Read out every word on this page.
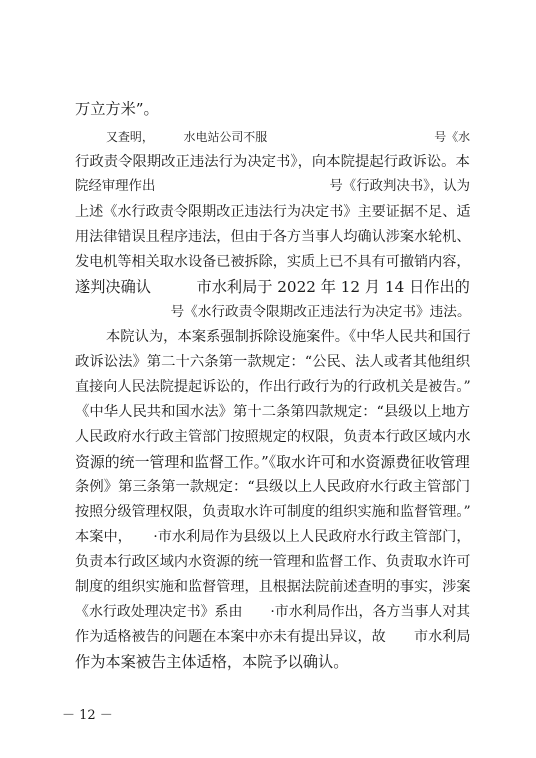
万立方米”。
又查明，　　　水电站公司不服　　　　　　　　　　　　　　号《水
行政责令限期改正违法行为决定书》，向本院提起行政诉讼。本
院经审理作出　　　　　　　　　　　　　号《行政判决书》，认为
上述《水行政责令限期改正违法行为决定书》主要证据不足、适
用法律错误且程序违法，但由于各方当事人均确认涉案水轮机、
发电机等相关取水设备已被拆除，实质上已不具有可撤销内容，
遂判决确认　　　市水利局于 2022 年 12 月 14 日作出的
　　　　　　　号《水行政责令限期改正违法行为决定书》违法。
本院认为，本案系强制拆除设施案件。《中华人民共和国行
政诉讼法》第二十六条第一款规定：“公民、法人或者其他组织
直接向人民法院提起诉讼的，作出行政行为的行政机关是被告。”
《中华人民共和国水法》第十二条第四款规定：“县级以上地方
人民政府水行政主管部门按照规定的权限，负责本行政区域内水
资源的统一管理和监督工作。”《取水许可和水资源费征收管理
条例》第三条第一款规定：“县级以上人民政府水行政主管部门
按照分级管理权限，负责取水许可制度的组织实施和监督管理。”
本案中，　　·市水利局作为县级以上人民政府水行政主管部门，
负责本行政区域内水资源的统一管理和监督工作、负责取水许可
制度的组织实施和监督管理，且根据法院前述查明的事实，涉案
《水行政处理决定书》系由　　·市水利局作出，各方当事人对其
作为适格被告的问题在本案中亦未有提出异议，故　　市水利局
作为本案被告主体适格，本院予以确认。
－ 12 －
